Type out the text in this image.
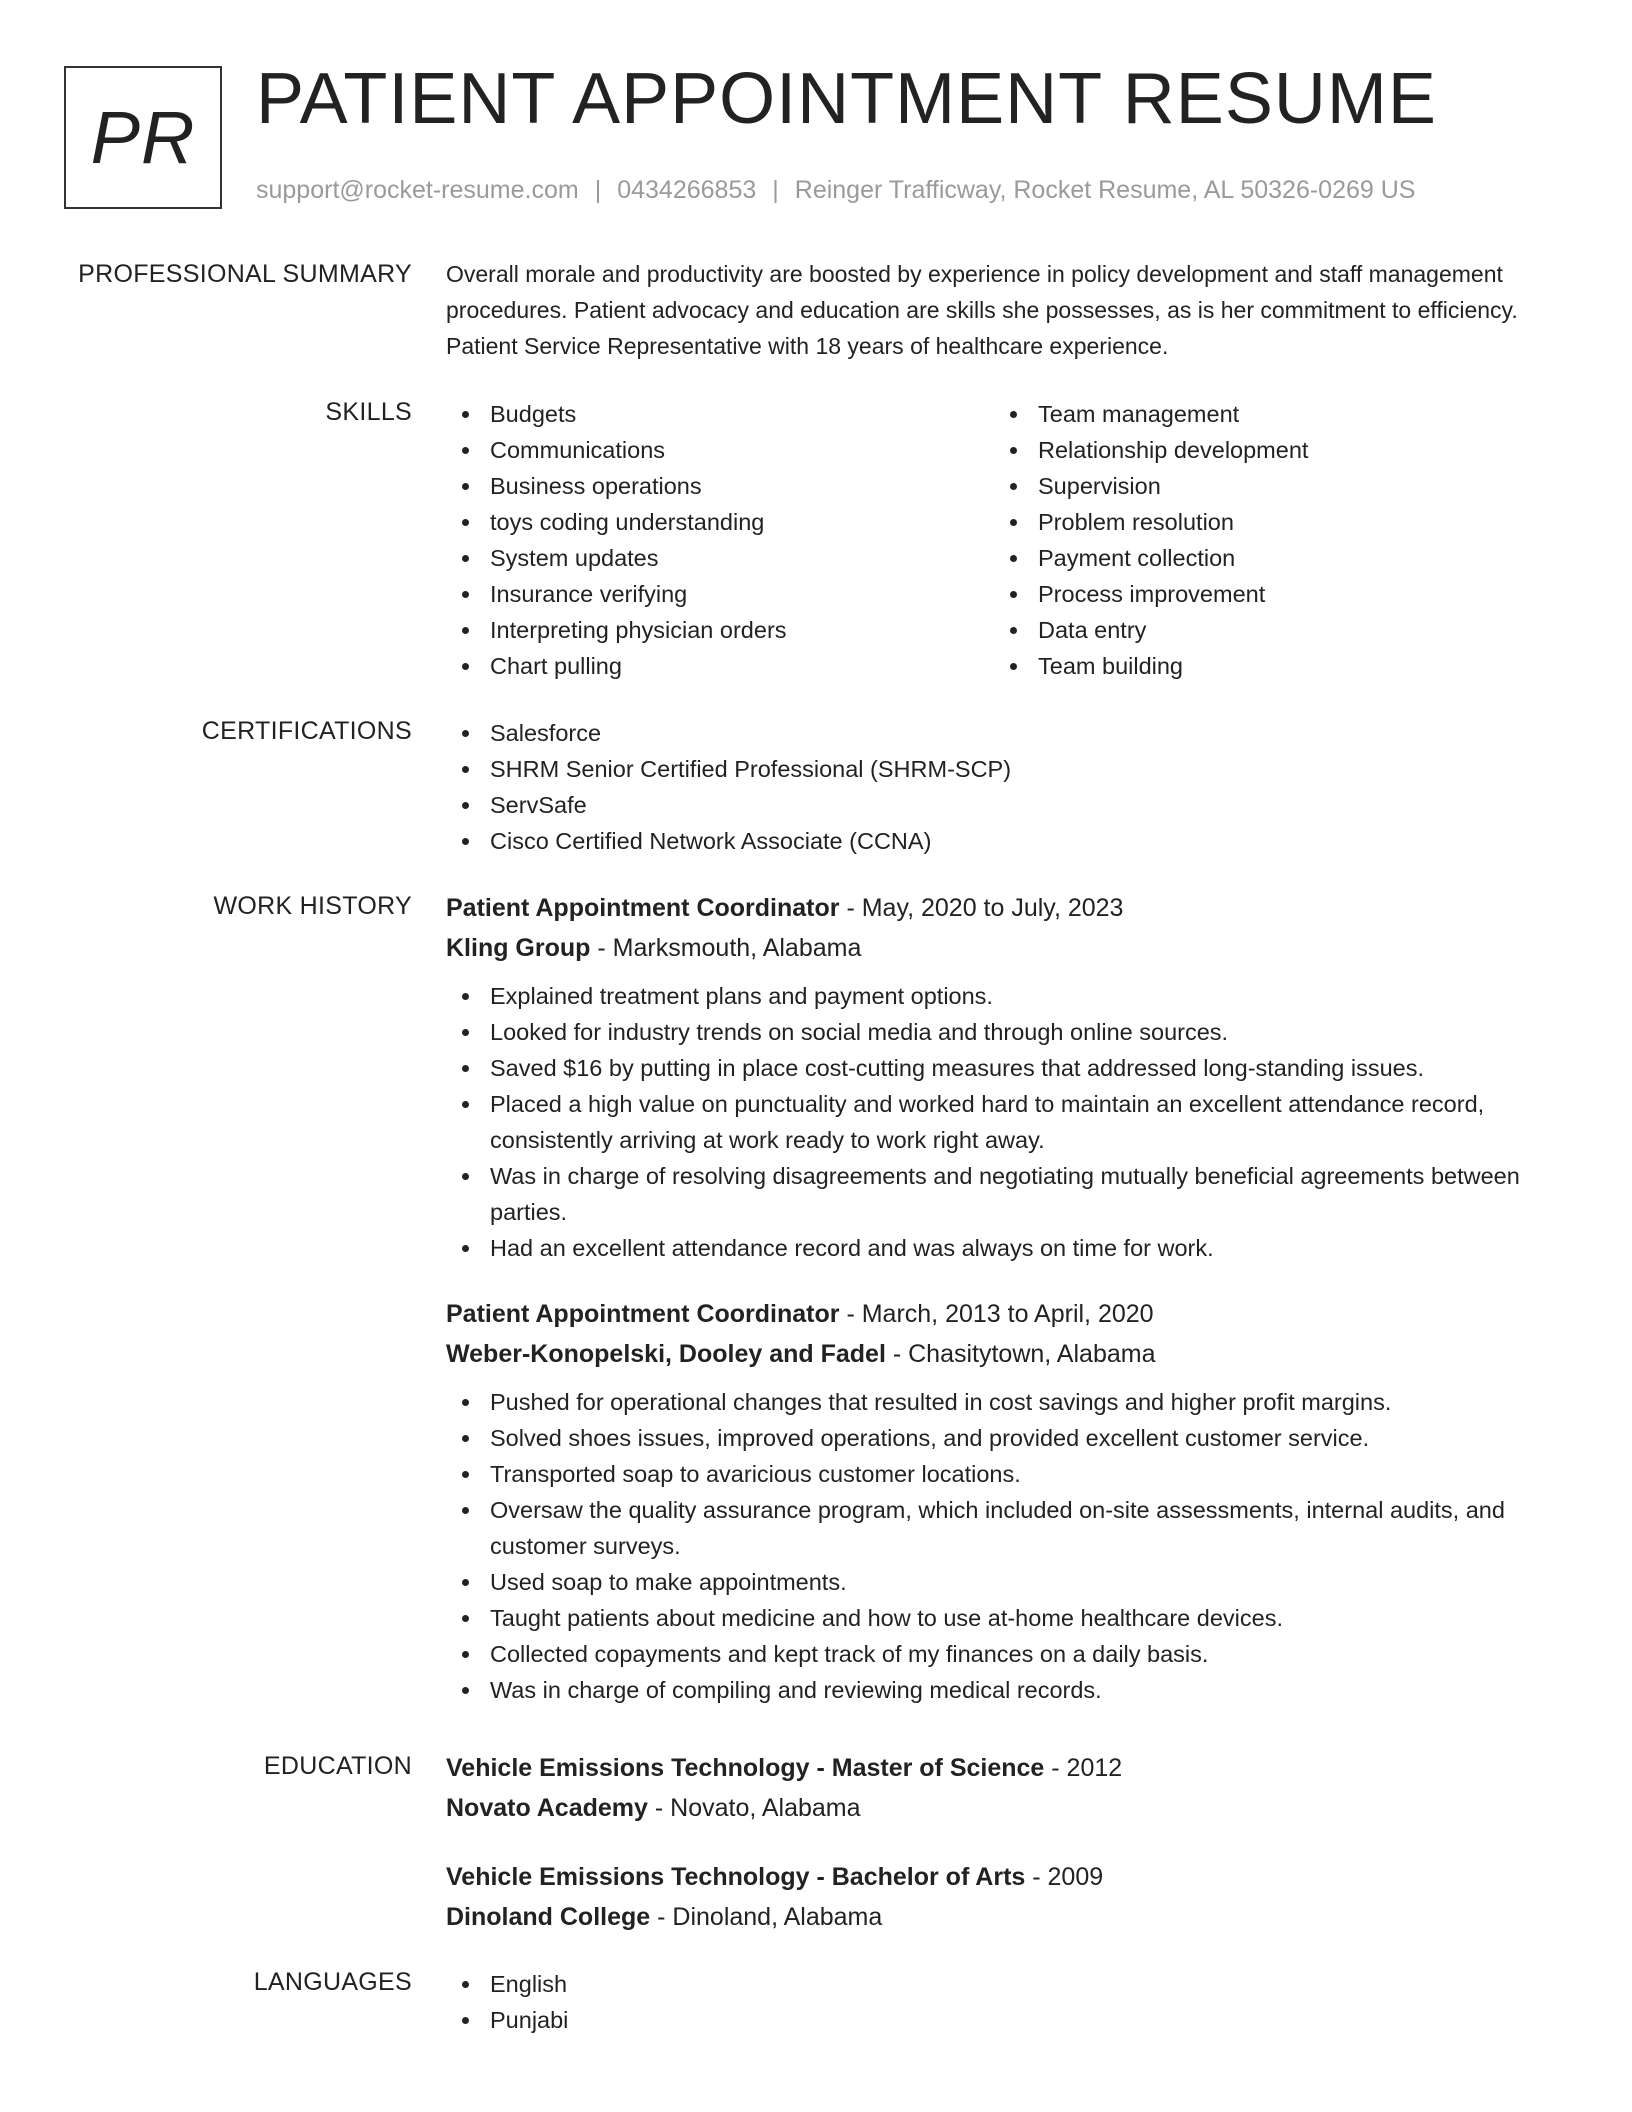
PR PATIENT APPOINTMENT RESUME
support@rocket-resume.com | 0434266853 | Reinger Trafficway, Rocket Resume, AL 50326-0269 US
PROFESSIONAL SUMMARY Overall morale and productivity are boosted by experience in policy development and staff management procedures. Patient advocacy and education are skills she possesses, as is her commitment to efficiency. Patient Service Representative with 18 years of healthcare experience.
SKILLS	Budgets
Communications
Business operations
toys coding understanding
System updates
Insurance verifying
Interpreting physician orders
Chart pulling
Team management
Relationship development
Supervision
Problem resolution
Payment collection
Process improvement
Data entry
Team building
CERTIFICATIONS	Salesforce
SHRM Senior Certified Professional (SHRM-SCP)
ServSafe
Cisco Certified Network Associate (CCNA)
WORK HISTORY Patient Appointment Coordinator - May, 2020 to July, 2023
Kling Group - Marksmouth, Alabama
Explained treatment plans and payment options.
Looked for industry trends on social media and through online sources.
Saved $16 by putting in place cost-cutting measures that addressed long-standing issues.
Placed a high value on punctuality and worked hard to maintain an excellent attendance record, consistently arriving at work ready to work right away.
Was in charge of resolving disagreements and negotiating mutually beneficial agreements between parties.
Had an excellent attendance record and was always on time for work.
Patient Appointment Coordinator - March, 2013 to April, 2020
Weber-Konopelski, Dooley and Fadel - Chasitytown, Alabama
Pushed for operational changes that resulted in cost savings and higher profit margins.
Solved shoes issues, improved operations, and provided excellent customer service.
Transported soap to avaricious customer locations.
Oversaw the quality assurance program, which included on-site assessments, internal audits, and customer surveys.
Used soap to make appointments.
Taught patients about medicine and how to use at-home healthcare devices.
Collected copayments and kept track of my finances on a daily basis.
Was in charge of compiling and reviewing medical records.
EDUCATION Vehicle Emissions Technology - Master of Science - 2012
Novato Academy - Novato, Alabama
Vehicle Emissions Technology - Bachelor of Arts - 2009
Dinoland College - Dinoland, Alabama
LANGUAGES	English
Punjabi
